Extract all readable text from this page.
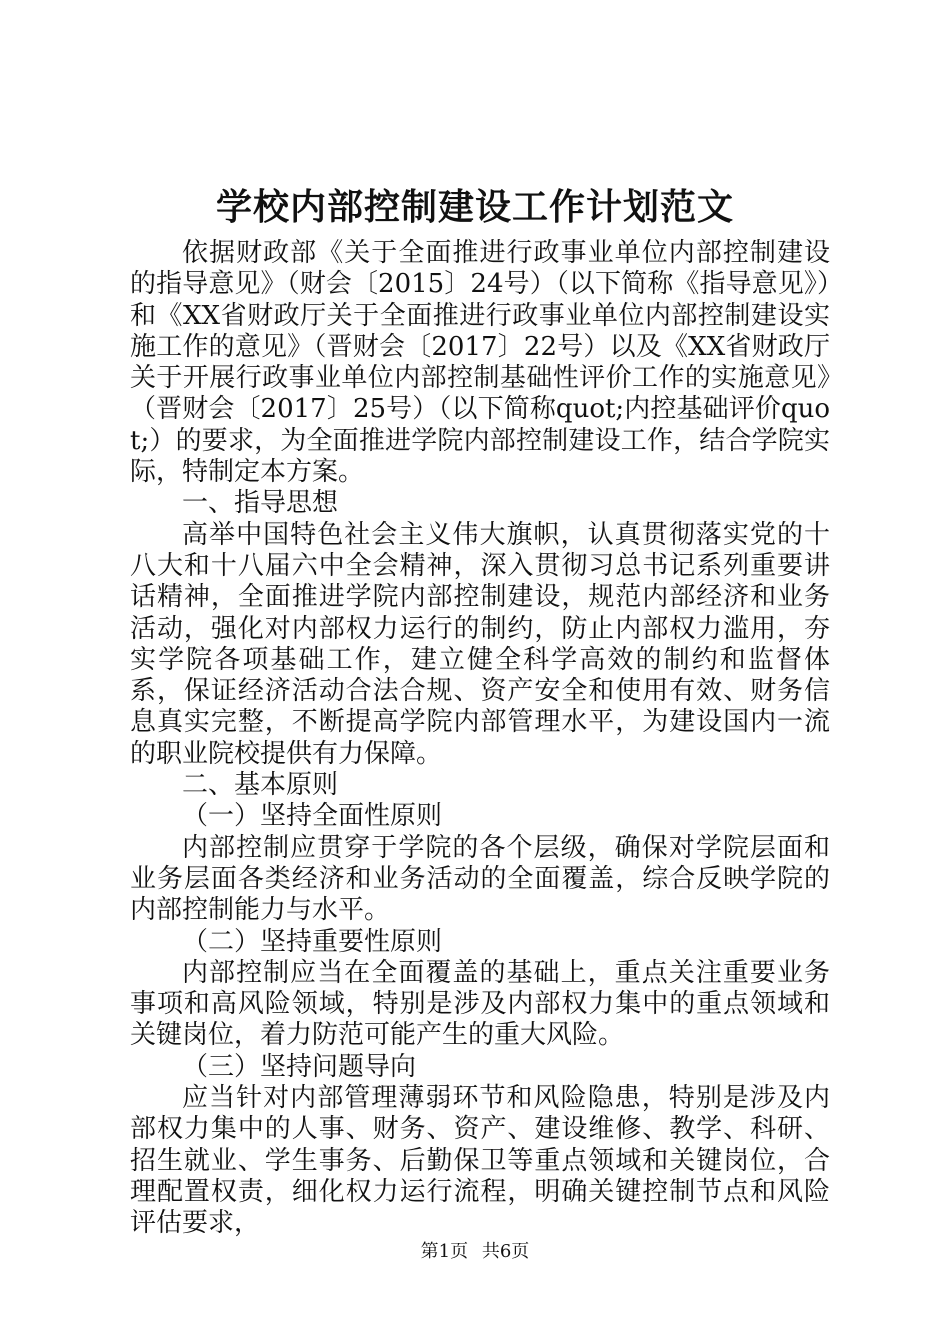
学校内部控制建设工作计划范文

依据财政部《关于全面推进行政事业单位内部控制建设的指导意见》（财会〔2015〕24号）（以下简称《指导意见》）和《XX省财政厅关于全面推进行政事业单位内部控制建设实施工作的意见》（晋财会〔2017〕22号）以及《XX省财政厅关于开展行政事业单位内部控制基础性评价工作的实施意见》（晋财会〔2017〕25号）（以下简称quot;内控基础评价quot;）的要求，为全面推进学院内部控制建设工作，结合学院实际，特制定本方案。

一、指导思想

高举中国特色社会主义伟大旗帜，认真贯彻落实党的十八大和十八届六中全会精神，深入贯彻习总书记系列重要讲话精神，全面推进学院内部控制建设，规范内部经济和业务活动，强化对内部权力运行的制约，防止内部权力滥用，夯实学院各项基础工作，建立健全科学高效的制约和监督体系，保证经济活动合法合规、资产安全和使用有效、财务信息真实完整，不断提高学院内部管理水平，为建设国内一流的职业院校提供有力保障。

二、基本原则

（一）坚持全面性原则

内部控制应贯穿于学院的各个层级，确保对学院层面和业务层面各类经济和业务活动的全面覆盖，综合反映学院的内部控制能力与水平。

（二）坚持重要性原则

内部控制应当在全面覆盖的基础上，重点关注重要业务事项和高风险领域，特别是涉及内部权力集中的重点领域和关键岗位，着力防范可能产生的重大风险。

（三）坚持问题导向

应当针对内部管理薄弱环节和风险隐患，特别是涉及内部权力集中的人事、财务、资产、建设维修、教学、科研、招生就业、学生事务、后勤保卫等重点领域和关键岗位，合理配置权责，细化权力运行流程，明确关键控制节点和风险评估要求，

第1页 共6页
